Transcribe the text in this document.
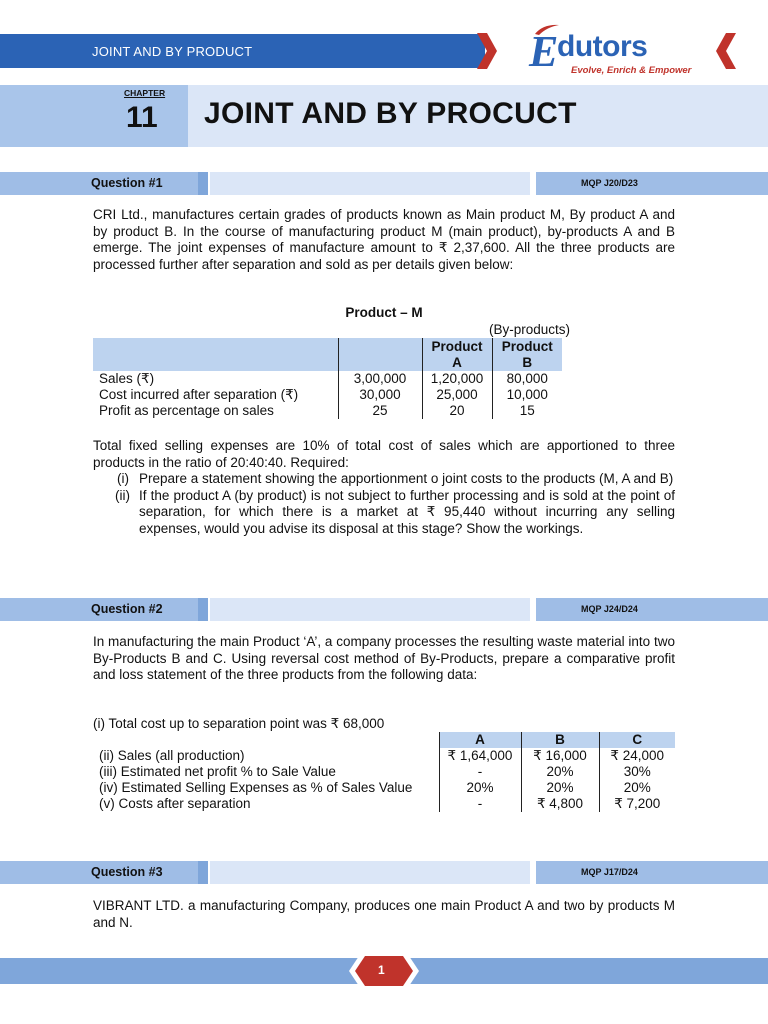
JOINT AND BY PRODUCT	E
dutors
Evolve, Enrich & Empower
CHAPTER
11 JOINT AND BY PROCUCT
Question #1	MQP J20/D23
CRI Ltd., manufactures certain grades of products known as Main product M, By product A and by product B. In the course of manufacturing product M (main product), by-products A and B emerge. The joint expenses of manufacture amount to ₹ 2,37,600. All the three products are processed further after separation and sold as per details given below:
Product – M
(By-products)
		Product A	Product B
Sales (₹)	3,00,000	1,20,000	80,000
Cost incurred after separation (₹)	30,000	25,000	10,000
Profit as percentage on sales	25	20	15
Total fixed selling expenses are 10% of total cost of sales which are apportioned to three products in the ratio of 20:40:40. Required:
(i) Prepare a statement showing the apportionment o joint costs to the products (M, A and B)
(ii) If the product A (by product) is not subject to further processing and is sold at the point of separation, for which there is a market at ₹ 95,440 without incurring any selling expenses, would you advise its disposal at this stage? Show the workings.
Question #2	MQP J24/D24
In manufacturing the main Product ‘A’, a company processes the resulting waste material into two By-Products B and C. Using reversal cost method of By-Products, prepare a comparative profit and loss statement of the three products from the following data:
(i) Total cost up to separation point was ₹ 68,000
	A	B	C
(ii) Sales (all production)	₹ 1,64,000	₹ 16,000	₹ 24,000
(iii) Estimated net profit % to Sale Value	-	20%	30%
(iv) Estimated Selling Expenses as % of Sales Value	20%	20%	20%
(v) Costs after separation	-	₹ 4,800	₹ 7,200
Question #3	MQP J17/D24
VIBRANT LTD. a manufacturing Company, produces one main Product A and two by products M and N.
1
